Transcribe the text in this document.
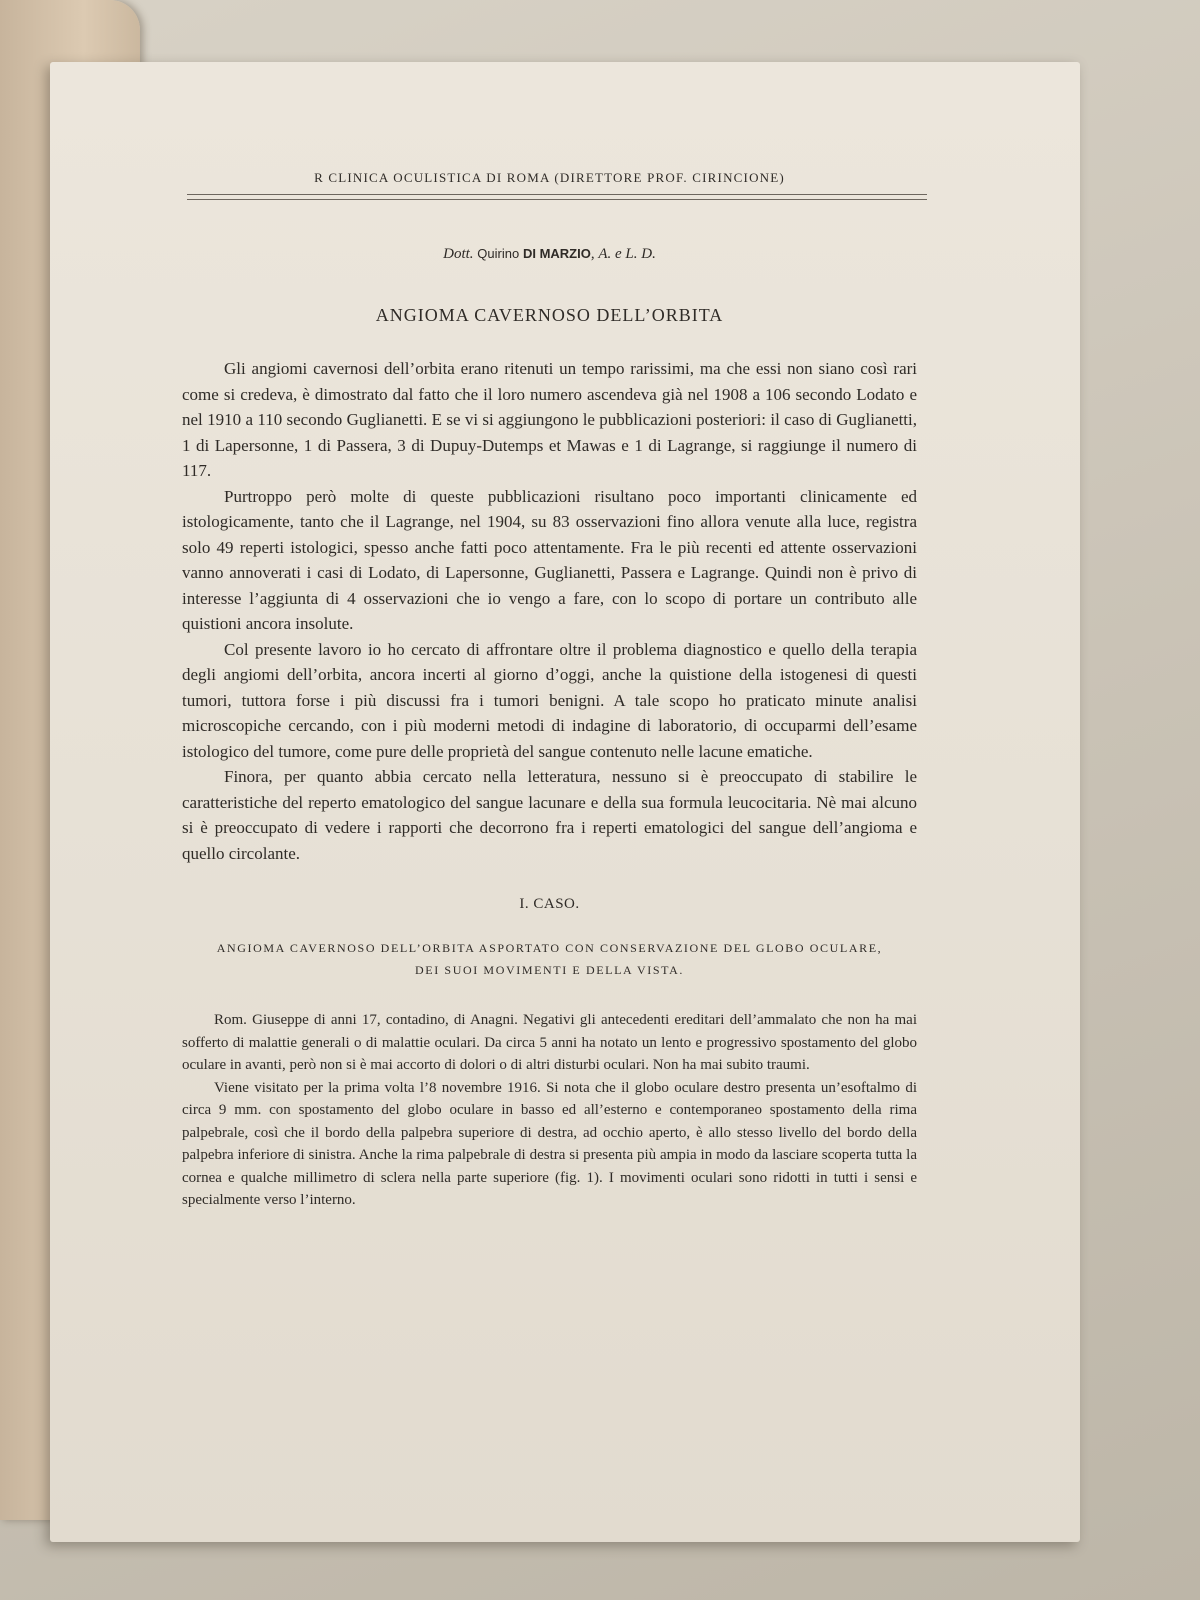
R CLINICA OCULISTICA DI ROMA (DIRETTORE PROF. CIRINCIONE)
Dott. Quirino DI MARZIO, A. e L. D.
ANGIOMA CAVERNOSO DELL’ORBITA

Gli angiomi cavernosi dell’orbita erano ritenuti un tempo rarissimi, ma che essi non siano così rari come si credeva, è dimostrato dal fatto che il loro numero ascendeva già nel 1908 a 106 secondo Lodato e nel 1910 a 110 secondo Guglianetti. E se vi si aggiungono le pubblicazioni posteriori: il caso di Guglianetti, 1 di Lapersonne, 1 di Passera, 3 di Dupuy-Dutemps et Mawas e 1 di Lagrange, si raggiunge il numero di 117.

Purtroppo però molte di queste pubblicazioni risultano poco importanti clinicamente ed istologicamente, tanto che il Lagrange, nel 1904, su 83 osservazioni fino allora venute alla luce, registra solo 49 reperti istologici, spesso anche fatti poco attentamente. Fra le più recenti ed attente osservazioni vanno annoverati i casi di Lodato, di Lapersonne, Guglianetti, Passera e Lagrange. Quindi non è privo di interesse l’aggiunta di 4 osservazioni che io vengo a fare, con lo scopo di portare un contributo alle quistioni ancora insolute.

Col presente lavoro io ho cercato di affrontare oltre il problema diagnostico e quello della terapia degli angiomi dell’orbita, ancora incerti al giorno d’oggi, anche la quistione della istogenesi di questi tumori, tuttora forse i più discussi fra i tumori benigni. A tale scopo ho praticato minute analisi microscopiche cercando, con i più moderni metodi di indagine di laboratorio, di occuparmi dell’esame istologico del tumore, come pure delle proprietà del sangue contenuto nelle lacune ematiche.

Finora, per quanto abbia cercato nella letteratura, nessuno si è preoccupato di stabilire le caratteristiche del reperto ematologico del sangue lacunare e della sua formula leucocitaria. Nè mai alcuno si è preoccupato di vedere i rapporti che decorrono fra i reperti ematologici del sangue dell’angioma e quello circolante.

I. CASO.
ANGIOMA CAVERNOSO DELL’ORBITA ASPORTATO CON CONSERVAZIONE DEL GLOBO OCULARE, DEI SUOI MOVIMENTI E DELLA VISTA.

Rom. Giuseppe di anni 17, contadino, di Anagni. Negativi gli antecedenti ereditari dell’ammalato che non ha mai sofferto di malattie generali o di malattie oculari. Da circa 5 anni ha notato un lento e progressivo spostamento del globo oculare in avanti, però non si è mai accorto di dolori o di altri disturbi oculari. Non ha mai subito traumi.

Viene visitato per la prima volta l’8 novembre 1916. Si nota che il globo oculare destro presenta un’esoftalmo di circa 9 mm. con spostamento del globo oculare in basso ed all’esterno e contemporaneo spostamento della rima palpebrale, così che il bordo della palpebra superiore di destra, ad occhio aperto, è allo stesso livello del bordo della palpebra inferiore di sinistra. Anche la rima palpebrale di destra si presenta più ampia in modo da lasciare scoperta tutta la cornea e qualche millimetro di sclera nella parte superiore (fig. 1). I movimenti oculari sono ridotti in tutti i sensi e specialmente verso l’interno.
